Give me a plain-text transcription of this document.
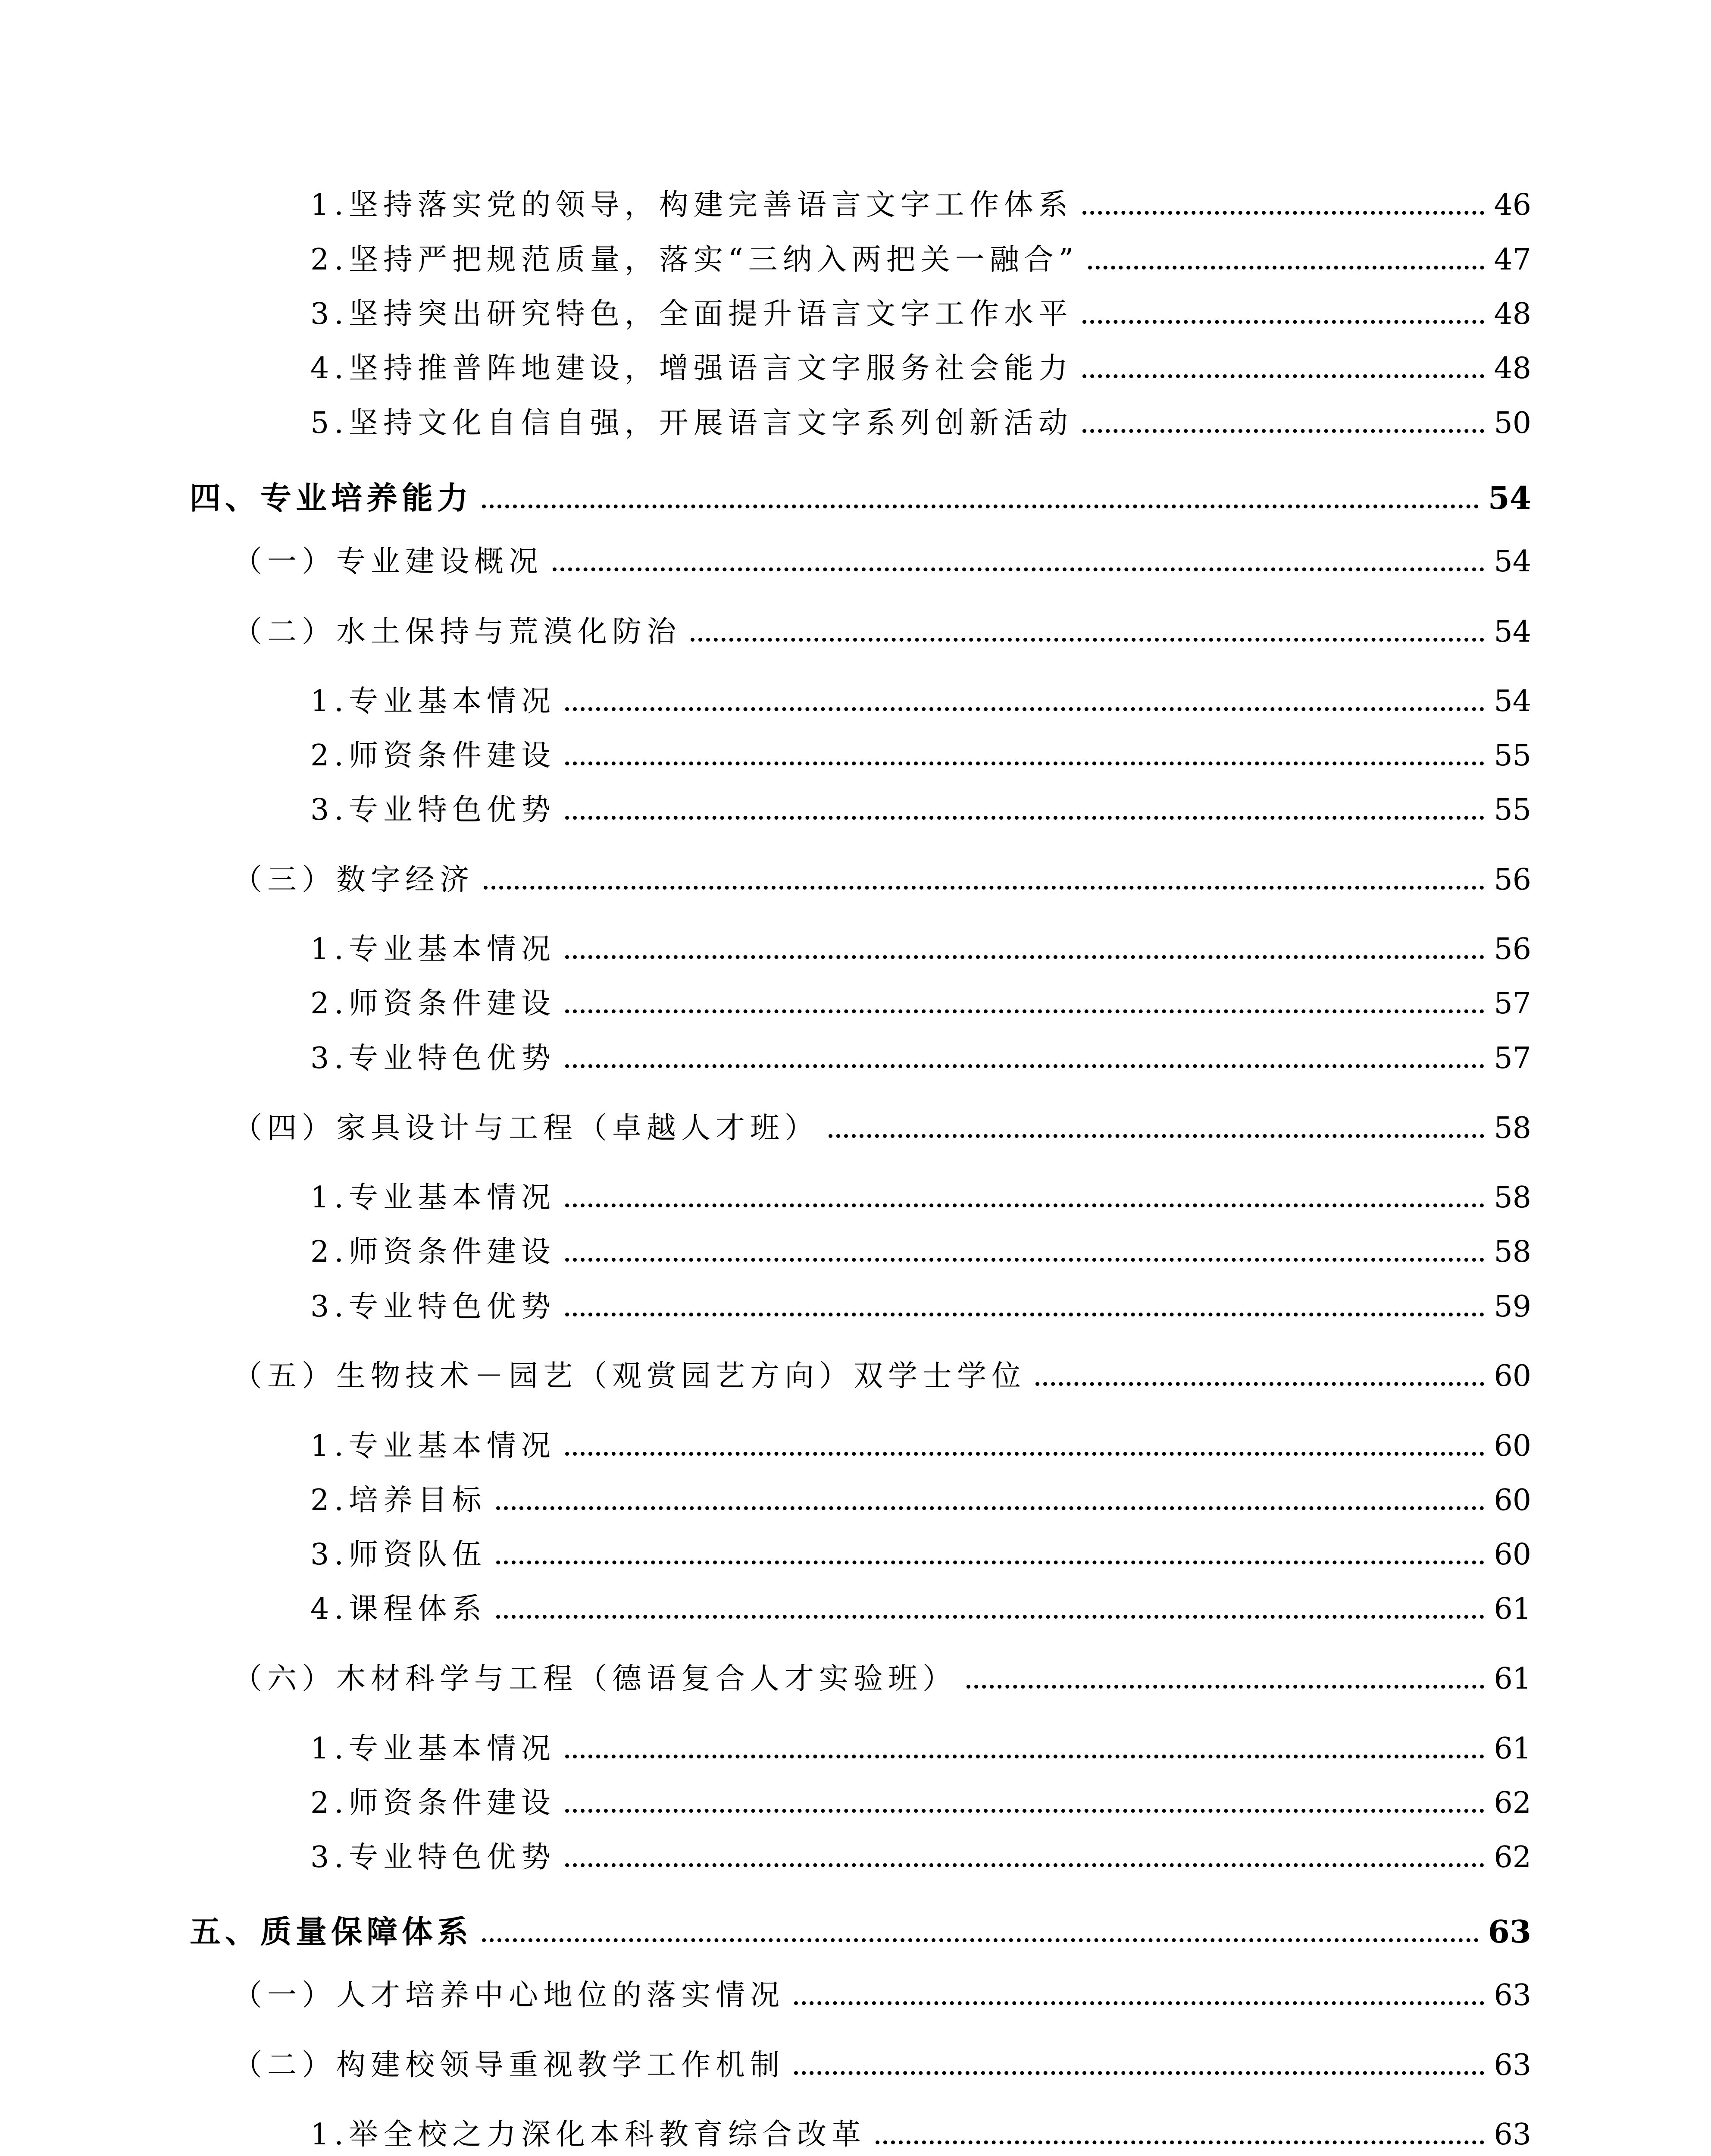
1.坚持落实党的领导，构建完善语言文字工作体系	46
2.坚持严把规范质量，落实“三纳入两把关一融合”	47
3.坚持突出研究特色，全面提升语言文字工作水平	48
4.坚持推普阵地建设，增强语言文字服务社会能力	48
5.坚持文化自信自强，开展语言文字系列创新活动	50
四、专业培养能力	54
（一）专业建设概况	54
（二）水土保持与荒漠化防治	54
1.专业基本情况	54
2.师资条件建设	55
3.专业特色优势	55
（三）数字经济	56
1.专业基本情况	56
2.师资条件建设	57
3.专业特色优势	57
（四）家具设计与工程（卓越人才班）	58
1.专业基本情况	58
2.师资条件建设	58
3.专业特色优势	59
（五）生物技术－园艺（观赏园艺方向）双学士学位	60
1.专业基本情况	60
2.培养目标	60
3.师资队伍	60
4.课程体系	61
（六）木材科学与工程（德语复合人才实验班）	61
1.专业基本情况	61
2.师资条件建设	62
3.专业特色优势	62
五、质量保障体系	63
（一）人才培养中心地位的落实情况	63
（二）构建校领导重视教学工作机制	63
1.举全校之力深化本科教育综合改革	63
